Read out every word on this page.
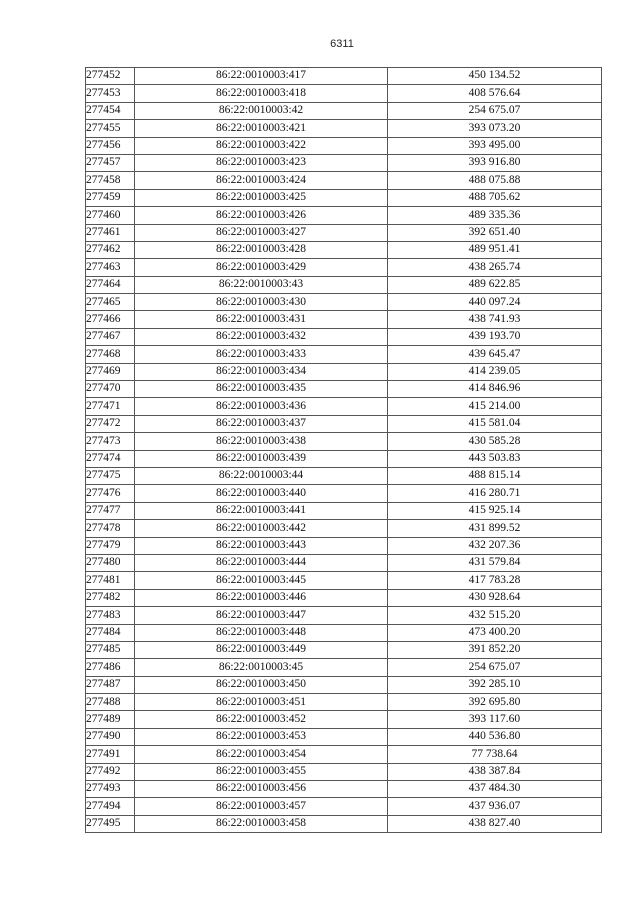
6311
277452	86:22:0010003:417	450 134.52
277453	86:22:0010003:418	408 576.64
277454	86:22:0010003:42	254 675.07
277455	86:22:0010003:421	393 073.20
277456	86:22:0010003:422	393 495.00
277457	86:22:0010003:423	393 916.80
277458	86:22:0010003:424	488 075.88
277459	86:22:0010003:425	488 705.62
277460	86:22:0010003:426	489 335.36
277461	86:22:0010003:427	392 651.40
277462	86:22:0010003:428	489 951.41
277463	86:22:0010003:429	438 265.74
277464	86:22:0010003:43	489 622.85
277465	86:22:0010003:430	440 097.24
277466	86:22:0010003:431	438 741.93
277467	86:22:0010003:432	439 193.70
277468	86:22:0010003:433	439 645.47
277469	86:22:0010003:434	414 239.05
277470	86:22:0010003:435	414 846.96
277471	86:22:0010003:436	415 214.00
277472	86:22:0010003:437	415 581.04
277473	86:22:0010003:438	430 585.28
277474	86:22:0010003:439	443 503.83
277475	86:22:0010003:44	488 815.14
277476	86:22:0010003:440	416 280.71
277477	86:22:0010003:441	415 925.14
277478	86:22:0010003:442	431 899.52
277479	86:22:0010003:443	432 207.36
277480	86:22:0010003:444	431 579.84
277481	86:22:0010003:445	417 783.28
277482	86:22:0010003:446	430 928.64
277483	86:22:0010003:447	432 515.20
277484	86:22:0010003:448	473 400.20
277485	86:22:0010003:449	391 852.20
277486	86:22:0010003:45	254 675.07
277487	86:22:0010003:450	392 285.10
277488	86:22:0010003:451	392 695.80
277489	86:22:0010003:452	393 117.60
277490	86:22:0010003:453	440 536.80
277491	86:22:0010003:454	77 738.64
277492	86:22:0010003:455	438 387.84
277493	86:22:0010003:456	437 484.30
277494	86:22:0010003:457	437 936.07
277495	86:22:0010003:458	438 827.40
